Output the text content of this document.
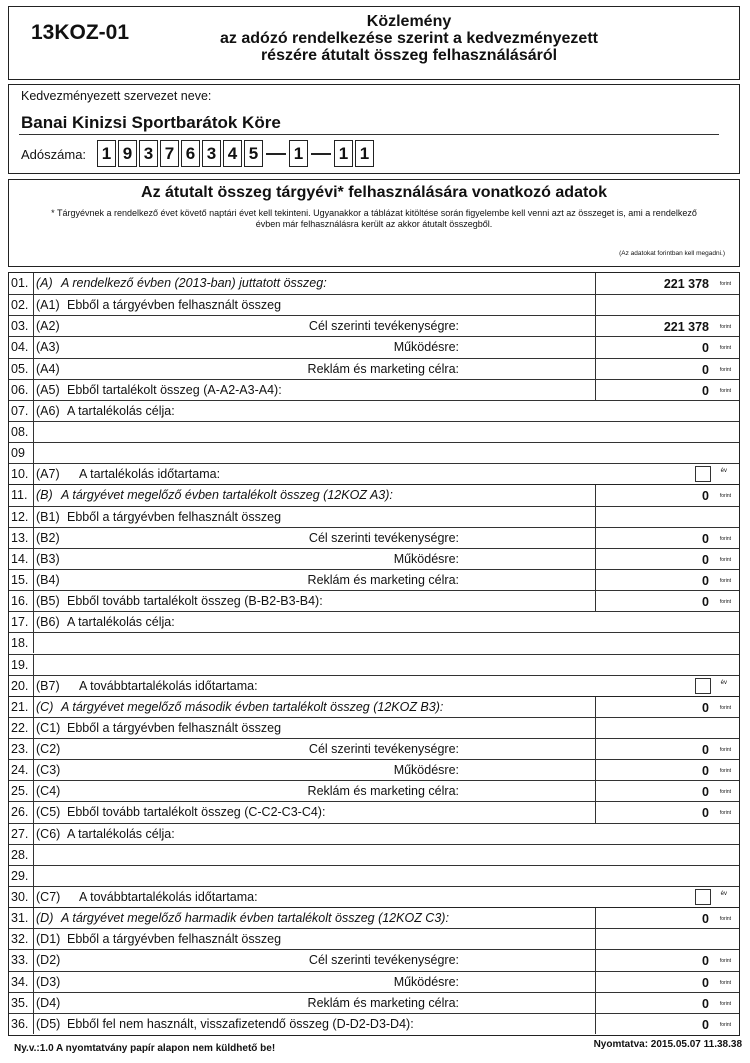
13KOZ-01	Közlemény
az adózó rendelkezése szerint a kedvezményezett
részére átutalt összeg felhasználásáról
Kedvezményezett szervezet neve:
Banai Kinizsi Sportbarátok Köre
Adószáma: 1 9 3 7 6 3 4 5 1 1 1
Az átutalt összeg tárgyévi* felhasználására vonatkozó adatok
* Tárgyévnek a rendelkező évet követő naptári évet kell tekinteni. Ugyanakkor a táblázat kitöltése során figyelembe kell venni azt az összeget is, ami a rendelkező évben már felhasználásra került az akkor átutalt összegből.
(Az adatokat forintban kell megadni.)
01. (A) A rendelkező évben (2013-ban) juttatott összeg:	221 378 forint
02. (A1) Ebből a tárgyévben felhasznált összeg
03. (A2)	Cél szerinti tevékenységre:	221 378 forint
04. (A3)	Működésre:	0 forint
05. (A4)	Reklám és marketing célra:	0 forint
06. (A5) Ebből tartalékolt összeg (A-A2-A3-A4):	0 forint
07. (A6) A tartalékolás célja:
08.
09
10. (A7) A tartalékolás időtartama:	év
11. (B) A tárgyévet megelőző évben tartalékolt összeg (12KOZ A3):	0 forint
12. (B1) Ebből a tárgyévben felhasznált összeg
13. (B2)	Cél szerinti tevékenységre:	0 forint
14. (B3)	Működésre:	0 forint
15. (B4)	Reklám és marketing célra:	0 forint
16. (B5) Ebből tovább tartalékolt összeg (B-B2-B3-B4):	0 forint
17. (B6) A tartalékolás célja:
18.
19.
20. (B7) A továbbtartalékolás időtartama:	év
21. (C) A tárgyévet megelőző második évben tartalékolt összeg (12KOZ B3):	0 forint
22. (C1) Ebből a tárgyévben felhasznált összeg
23. (C2)	Cél szerinti tevékenységre:	0 forint
24. (C3)	Működésre:	0 forint
25. (C4)	Reklám és marketing célra:	0 forint
26. (C5) Ebből tovább tartalékolt összeg (C-C2-C3-C4):	0 forint
27. (C6) A tartalékolás célja:
28.
29.
30. (C7) A továbbtartalékolás időtartama:	év
31. (D) A tárgyévet megelőző harmadik évben tartalékolt összeg (12KOZ C3):	0 forint
32. (D1) Ebből a tárgyévben felhasznált összeg
33. (D2)	Cél szerinti tevékenységre:	0 forint
34. (D3)	Működésre:	0 forint
35. (D4)	Reklám és marketing célra:	0 forint
36. (D5) Ebből fel nem használt, visszafizetendő összeg (D-D2-D3-D4):	0 forint
Ny.v.:1.0 A nyomtatvány papír alapon nem küldhető be!	Nyomtatva: 2015.05.07 11.38.38
